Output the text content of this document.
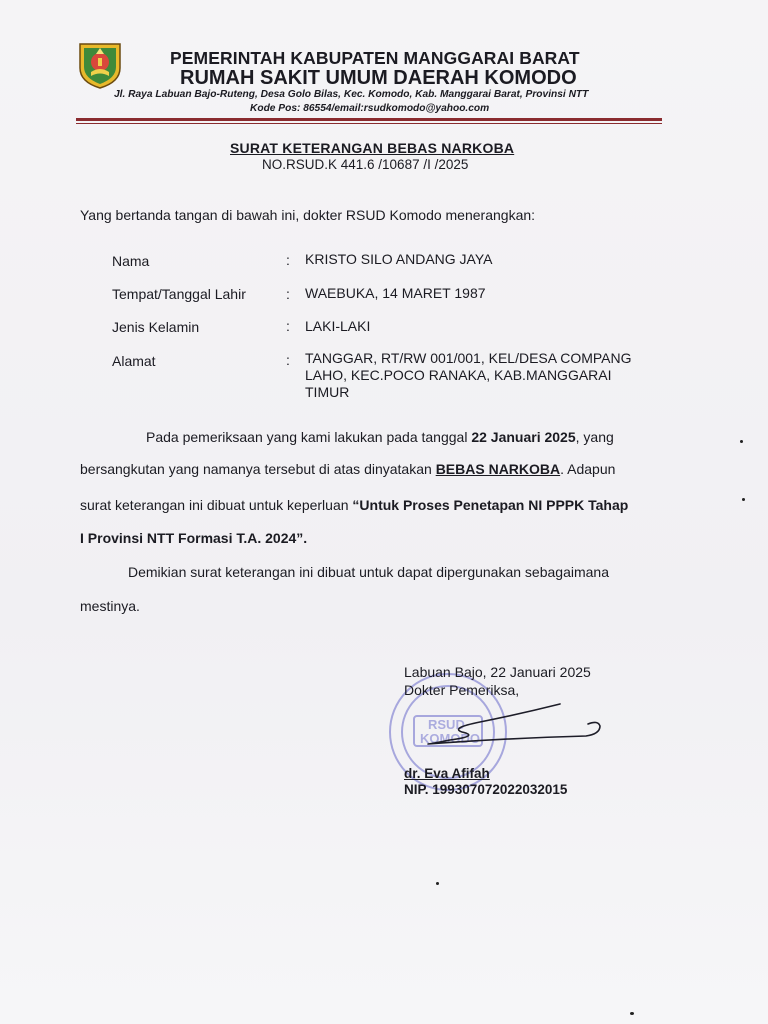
PEMERINTAH KABUPATEN MANGGARAI BARAT
RUMAH SAKIT UMUM DAERAH KOMODO
Jl. Raya Labuan Bajo-Ruteng, Desa Golo Bilas, Kec. Komodo, Kab. Manggarai Barat, Provinsi NTT
Kode Pos: 86554/email:rsudkomodo@yahoo.com
SURAT KETERANGAN BEBAS NARKOBA
NO.RSUD.K 441.6 /10687 /I /2025
Yang bertanda tangan di bawah ini, dokter RSUD Komodo menerangkan:
Nama	: KRISTO SILO ANDANG JAYA
Tempat/Tanggal Lahir	: WAEBUKA, 14 MARET 1987
Jenis Kelamin	: LAKI-LAKI
Alamat	: TANGGAR, RT/RW 001/001, KEL/DESA COMPANG
LAHO, KEC.POCO RANAKA, KAB.MANGGARAI
TIMUR
Pada pemeriksaan yang kami lakukan pada tanggal 22 Januari 2025, yang
bersangkutan yang namanya tersebut di atas dinyatakan BEBAS NARKOBA. Adapun
surat keterangan ini dibuat untuk keperluan “Untuk Proses Penetapan NI PPPK Tahap
I Provinsi NTT Formasi T.A. 2024”.
Demikian surat keterangan ini dibuat untuk dapat dipergunakan sebagaimana
mestinya.
RSUD
KOMODO
Labuan Bajo, 22 Januari 2025
Dokter Pemeriksa,
dr. Eva Afifah
NIP. 199307072022032015
